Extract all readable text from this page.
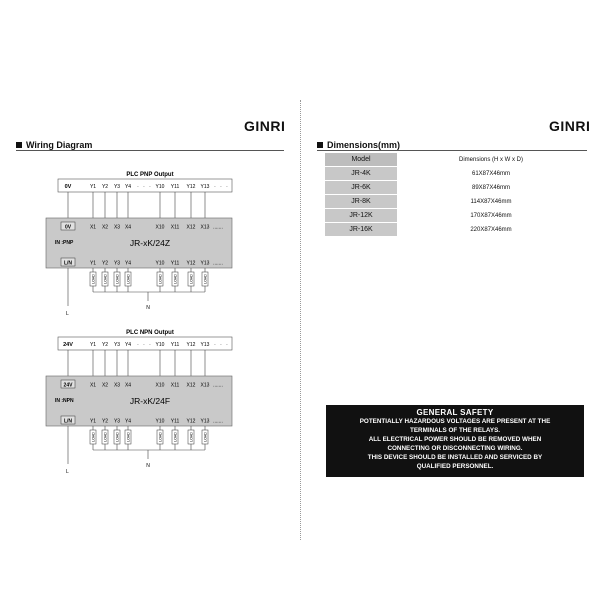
GINRI
Wiring Diagram
GINRI
Dimensions(mm)
PLC PNP Output
0V	Y1 Y2 Y3 Y4	Y10 Y11 Y12 Y13
· · ·	· · ·
0V	X1 X2 X3 X4	X10 X11 X12 X13 .......
IN :PNP	JR-xK/24Z
L/N	Y1 Y2 Y3 Y4	Y10 Y11 Y12 Y13 .......
L
LOAD LOAD LOAD LOAD	LOAD	LOAD	LOAD	LOAD
N
PLC NPN Output
24V	Y1 Y2 Y3 Y4	Y10 Y11 Y12 Y13
· · ·	· · ·
24V	X1 X2 X3 X4	X10 X11 X12 X13 .......
IN :NPN	JR-xK/24F
L/N	Y1 Y2 Y3 Y4	Y10 Y11 Y12 Y13 .......
L
LOAD LOAD LOAD LOAD	LOAD	LOAD	LOAD	LOAD
N
Model	Dimensions (H x W x D)
JR-4K	61X87X46mm
JR-6K	89X87X46mm
JR-8K	114X87X46mm
JR-12K	170X87X46mm
JR-16K	220X87X46mm
GENERAL SAFETY
POTENTIALLY HAZARDOUS VOLTAGES ARE PRESENT AT THE
TERMINALS OF THE RELAYS.
ALL ELECTRICAL POWER SHOULD BE REMOVED WHEN
CONNECTING OR DISCONNECTING WIRING.
THIS DEVICE SHOULD BE INSTALLED AND SERVICED BY
QUALIFIED PERSONNEL.
